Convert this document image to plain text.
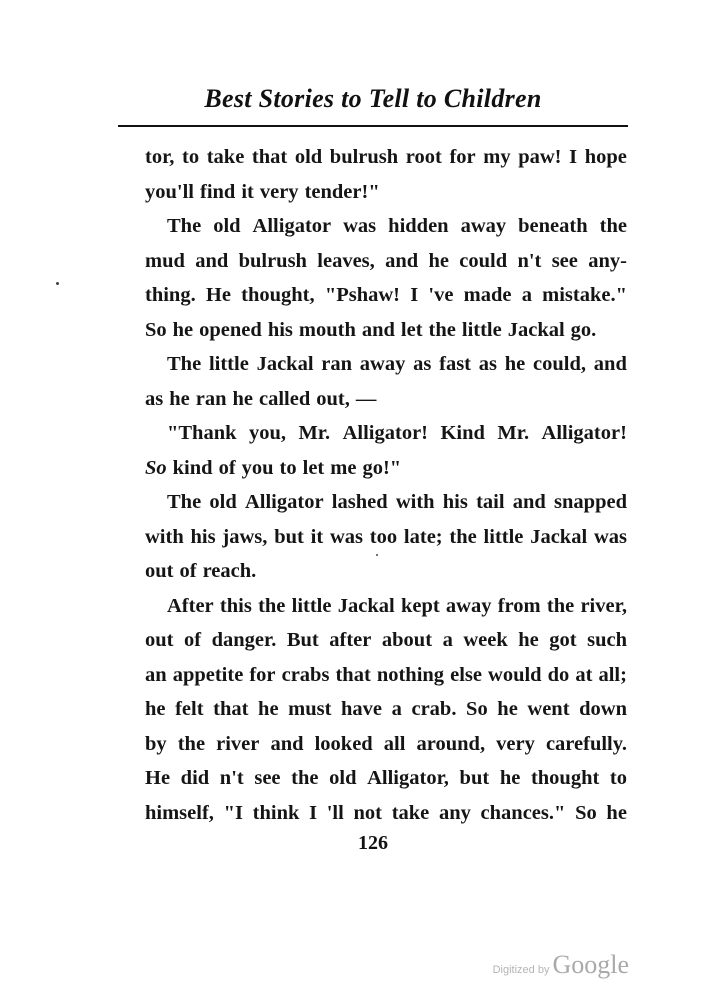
Best Stories to Tell to Children
tor, to take that old bulrush root for my paw! I hope
you'll find it very tender!"
The old Alligator was hidden away beneath the
mud and bulrush leaves, and he could n't see any-
thing. He thought, "Pshaw! I 've made a mistake."
So he opened his mouth and let the little Jackal go.
The little Jackal ran away as fast as he could, and
as he ran he called out, —
"Thank you, Mr. Alligator! Kind Mr. Alligator!
So kind of you to let me go!"
The old Alligator lashed with his tail and snapped
with his jaws, but it was too late; the little Jackal was
out of reach.
After this the little Jackal kept away from the river,
out of danger. But after about a week he got such
an appetite for crabs that nothing else would do at all;
he felt that he must have a crab. So he went down
by the river and looked all around, very carefully.
He did n't see the old Alligator, but he thought to
himself, "I think I 'll not take any chances." So he
126
Digitized by Google
